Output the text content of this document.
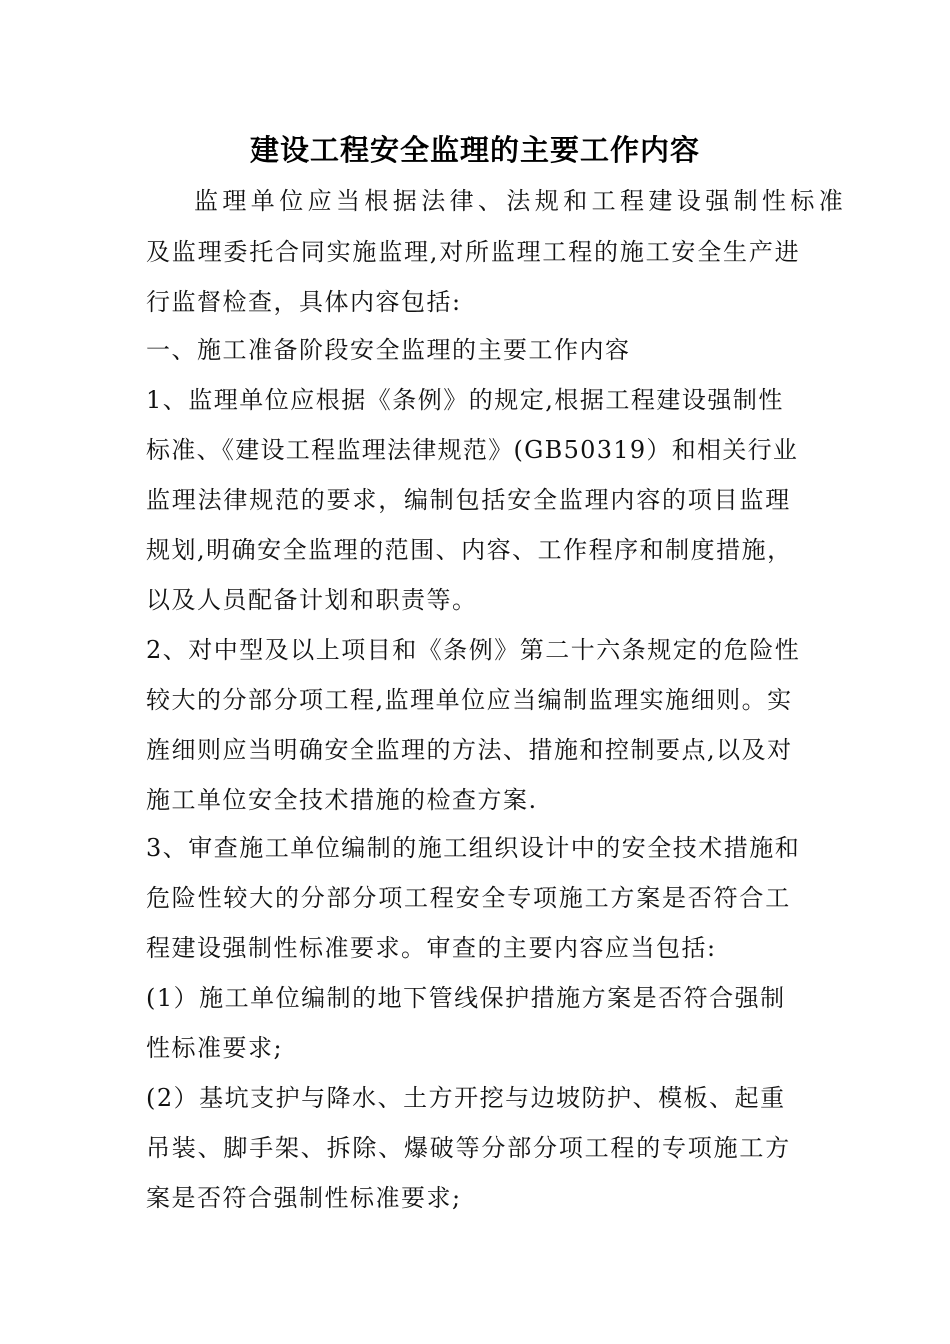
建设工程安全监理的主要工作内容
监理单位应当根据法律、法规和工程建设强制性标准
及监理委托合同实施监理,对所监理工程的施工安全生产进
行监督检查，具体内容包括:
一、施工准备阶段安全监理的主要工作内容
1、监理单位应根据《条例》的规定,根据工程建设强制性
标准、《建设工程监理法律规范》(GB50319）和相关行业
监理法律规范的要求，编制包括安全监理内容的项目监理
规划,明确安全监理的范围、内容、工作程序和制度措施，
以及人员配备计划和职责等。
2、对中型及以上项目和《条例》第二十六条规定的危险性
较大的分部分项工程,监理单位应当编制监理实施细则。实
旌细则应当明确安全监理的方法、措施和控制要点,以及对
施工单位安全技术措施的检查方案.
3、审查施工单位编制的施工组织设计中的安全技术措施和
危险性较大的分部分项工程安全专项施工方案是否符合工
程建设强制性标准要求。审查的主要内容应当包括:
(1）施工单位编制的地下管线保护措施方案是否符合强制
性标准要求;
(2）基坑支护与降水、土方开挖与边坡防护、模板、起重
吊装、脚手架、拆除、爆破等分部分项工程的专项施工方
案是否符合强制性标准要求;
